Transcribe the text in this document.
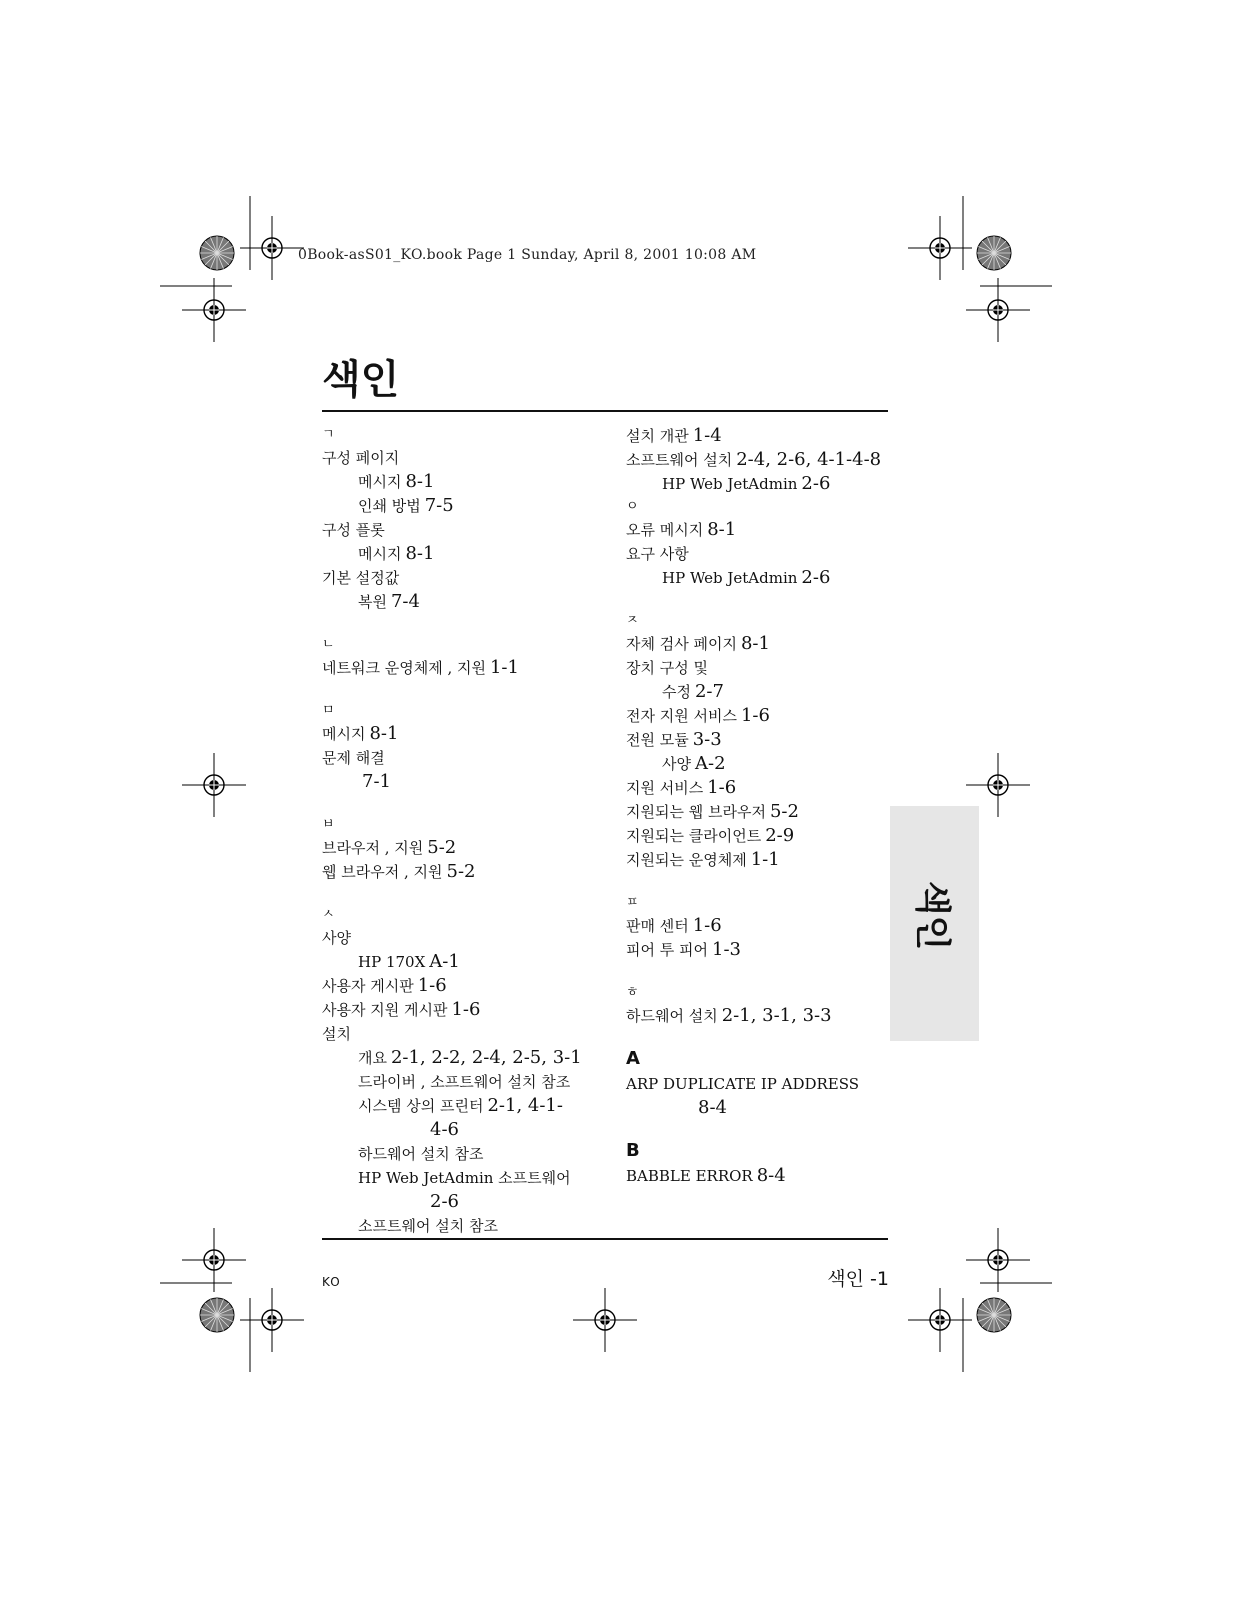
0Book-asS01_KO.book Page 1 Sunday, April 8, 2001 10:08 AM
색인
ㄱ
구성 페이지
메시지 8-1
인쇄 방법 7-5
구성 플롯
메시지 8-1
기본 설정값
복원 7-4
ㄴ
네트워크 운영체제 , 지원 1-1
ㅁ
메시지 8-1
문제 해결
7-1
ㅂ
브라우저 , 지원 5-2
웹 브라우저 , 지원 5-2
ㅅ
사양
HP 170X A-1
사용자 게시판 1-6
사용자 지원 게시판 1-6
설치
개요 2-1, 2-2, 2-4, 2-5, 3-1
드라이버 , 소프트웨어 설치 참조
시스템 상의 프린터 2-1, 4-1-
4-6
하드웨어 설치 참조
HP Web JetAdmin 소프트웨어
2-6
소프트웨어 설치 참조
설치 개관 1-4
소프트웨어 설치 2-4, 2-6, 4-1-4-8
HP Web JetAdmin 2-6
ㅇ
오류 메시지 8-1
요구 사항
HP Web JetAdmin 2-6
ㅈ
자체 검사 페이지 8-1
장치 구성 및
수정 2-7
전자 지원 서비스 1-6
전원 모듈 3-3
사양 A-2
지원 서비스 1-6
지원되는 웹 브라우저 5-2
지원되는 클라이언트 2-9
지원되는 운영체제 1-1
ㅍ
판매 센터 1-6
피어 투 피어 1-3
ㅎ
하드웨어 설치 2-1, 3-1, 3-3
A
ARP DUPLICATE IP ADDRESS
8-4
B
BABBLE ERROR 8-4
색인
KO	색인 -1
